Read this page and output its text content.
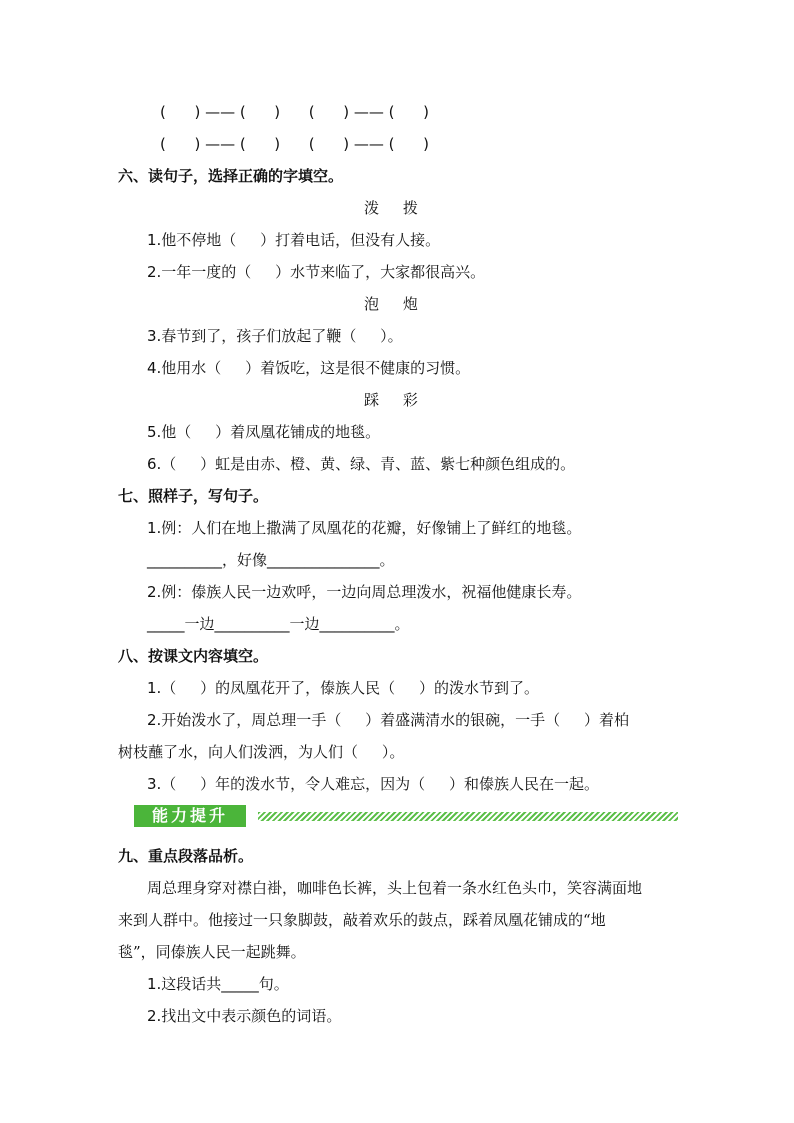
(      ) —— (      )      (      ) —— (      )
(      ) —— (      )      (      ) —— (      )
六、读句子，选择正确的字填空。
泼     拨
1.他不停地（     ）打着电话，但没有人接。
2.一年一度的（     ）水节来临了，大家都很高兴。
泡     炮
3.春节到了，孩子们放起了鞭（     ）。
4.他用水（     ）着饭吃，这是很不健康的习惯。
踩     彩
5.他（     ）着凤凰花铺成的地毯。
6.（     ）虹是由赤、橙、黄、绿、青、蓝、紫七种颜色组成的。
七、照样子，写句子。
1.例：人们在地上撒满了凤凰花的花瓣，好像铺上了鲜红的地毯。
__________，好像_______________。
2.例：傣族人民一边欢呼，一边向周总理泼水，祝福他健康长寿。
_____一边__________一边__________。
八、按课文内容填空。
1.（     ）的凤凰花开了，傣族人民（     ）的泼水节到了。
2.开始泼水了，周总理一手（     ）着盛满清水的银碗，一手（     ）着柏
树枝蘸了水，向人们泼洒，为人们（     ）。
3.（     ）年的泼水节，令人难忘，因为（     ）和傣族人民在一起。
能力提升
九、重点段落品析。
周总理身穿对襟白褂，咖啡色长裤，头上包着一条水红色头巾，笑容满面地
来到人群中。他接过一只象脚鼓，敲着欢乐的鼓点，踩着凤凰花铺成的“地
毯”，同傣族人民一起跳舞。
1.这段话共_____句。
2.找出文中表示颜色的词语。
